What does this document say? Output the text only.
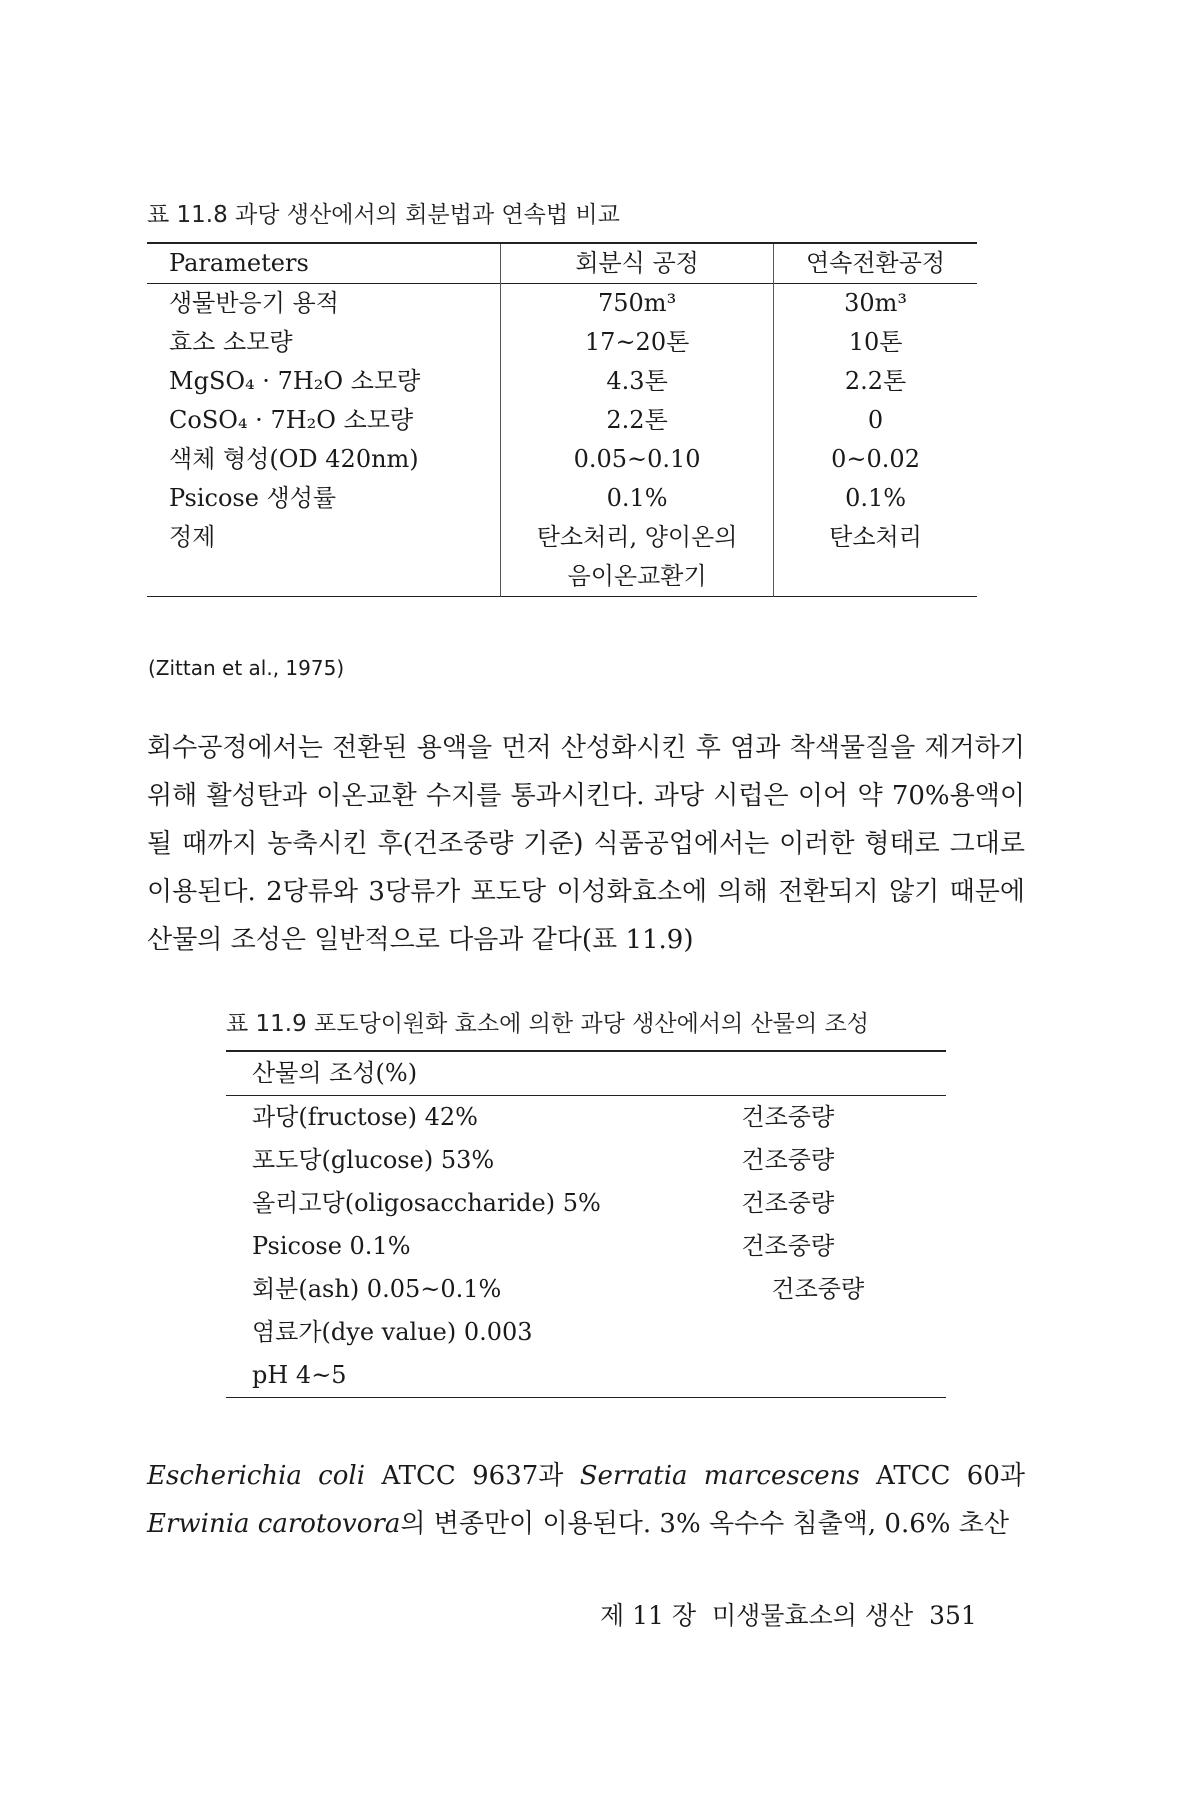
표 11.8 과당 생산에서의 회분법과 연속법 비교
Parameters	회분식 공정	연속전환공정
생물반응기 용적	750m³	30m³
효소 소모량	17~20톤	10톤
MgSO₄ · 7H₂O 소모량	4.3톤	2.2톤
CoSO₄ · 7H₂O 소모량	2.2톤	0
색체 형성(OD 420nm)	0.05~0.10	0~0.02
Psicose 생성률	0.1%	0.1%
정제	탄소처리, 양이온의	탄소처리
	음이온교환기	
(Zittan et al., 1975)

회수공정에서는 전환된 용액을 먼저 산성화시킨 후 염과 착색물질을 제거하기 위해 활성탄과 이온교환 수지를 통과시킨다. 과당 시럽은 이어 약 70%용액이 될 때까지 농축시킨 후(건조중량 기준) 식품공업에서는 이러한 형태로 그대로 이용된다. 2당류와 3당류가 포도당 이성화효소에 의해 전환되지 않기 때문에 산물의 조성은 일반적으로 다음과 같다(표 11.9)

표 11.9 포도당이원화 효소에 의한 과당 생산에서의 산물의 조성
산물의 조성(%)	
과당(fructose) 42%	건조중량
포도당(glucose) 53%	건조중량
올리고당(oligosaccharide) 5%	건조중량
Psicose 0.1%	건조중량
회분(ash) 0.05~0.1%	건조중량
염료가(dye value) 0.003	
pH 4~5	

Escherichia coli ATCC 9637과 Serratia marcescens ATCC 60과 Erwinia carotovora의 변종만이 이용된다. 3% 옥수수 침출액, 0.6% 초산

제 11 장 미생물효소의 생산 351
